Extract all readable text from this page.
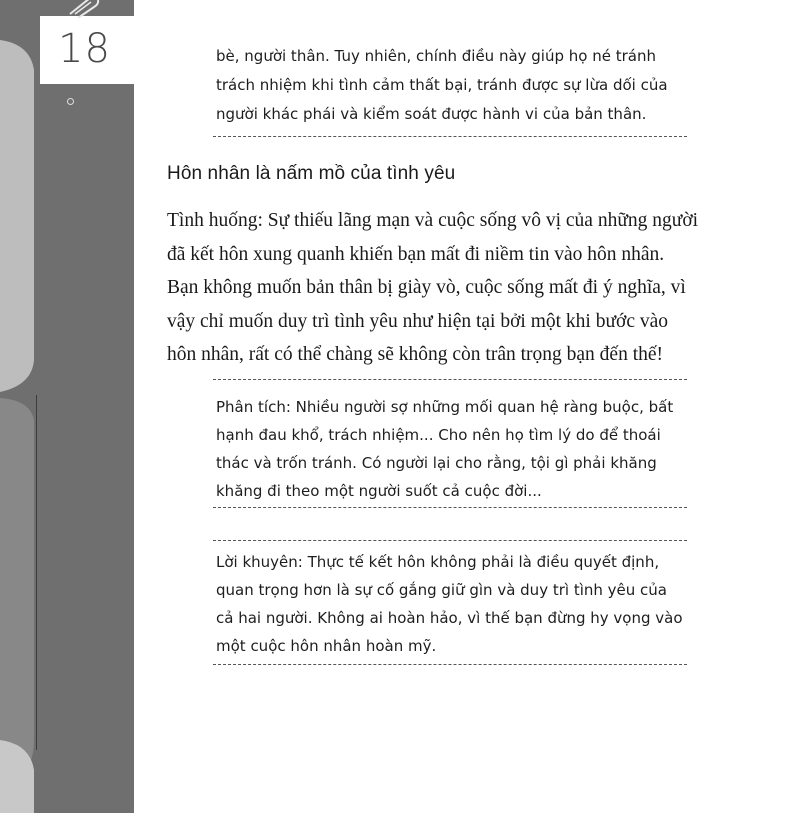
18	bè, người thân. Tuy nhiên, chính điều này giúp họ né tránh
trách nhiệm khi tình cảm thất bại, tránh được sự lừa dối của
người khác phái và kiểm soát được hành vi của bản thân.
Hôn nhân là nấm mồ của tình yêu
Tình huống: Sự thiếu lãng mạn và cuộc sống vô vị của những người
đã kết hôn xung quanh khiến bạn mất đi niềm tin vào hôn nhân.
Bạn không muốn bản thân bị giày vò, cuộc sống mất đi ý nghĩa, vì
vậy chỉ muốn duy trì tình yêu như hiện tại bởi một khi bước vào
hôn nhân, rất có thể chàng sẽ không còn trân trọng bạn đến thế!
Phân tích: Nhiều người sợ những mối quan hệ ràng buộc, bất
hạnh đau khổ, trách nhiệm... Cho nên họ tìm lý do để thoái
thác và trốn tránh. Có người lại cho rằng, tội gì phải khăng
khăng đi theo một người suốt cả cuộc đời...
Lời khuyên: Thực tế kết hôn không phải là điều quyết định,
quan trọng hơn là sự cố gắng giữ gìn và duy trì tình yêu của
cả hai người. Không ai hoàn hảo, vì thế bạn đừng hy vọng vào
một cuộc hôn nhân hoàn mỹ.
